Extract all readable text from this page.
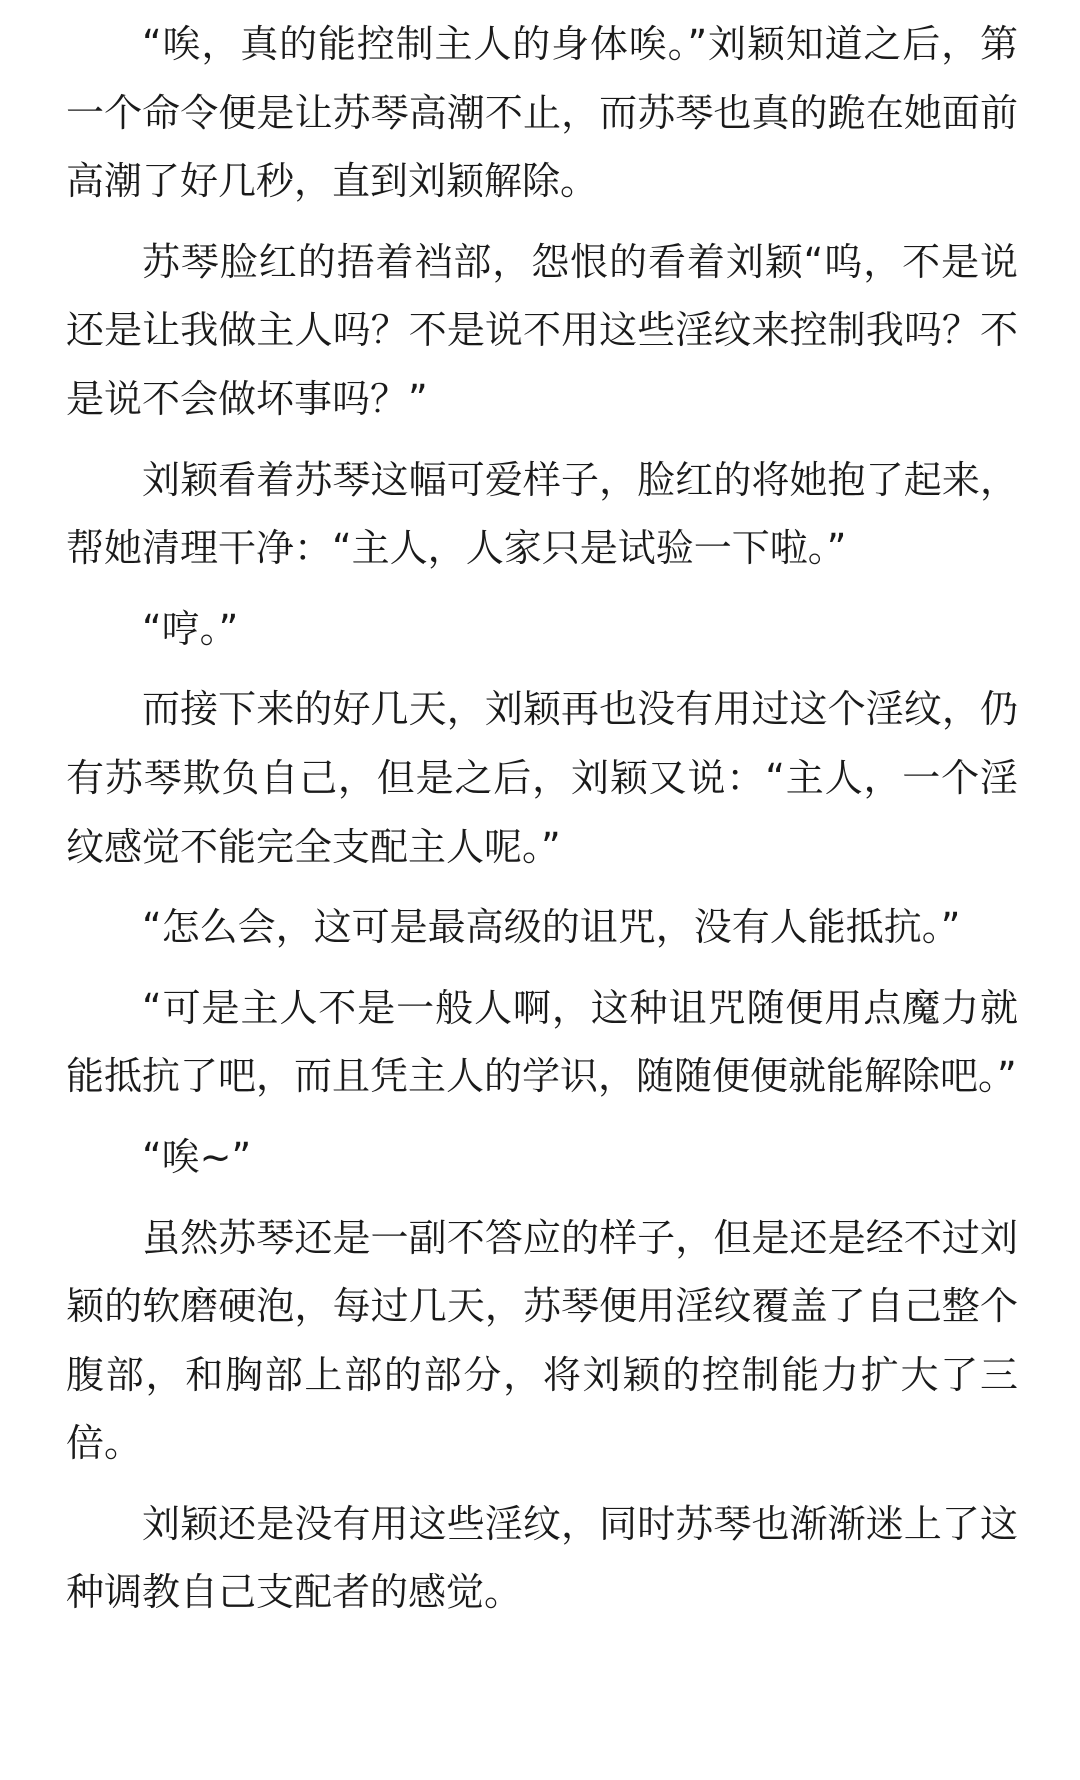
“唉，真的能控制主人的身体唉。”刘颖知道之后，第一个命令便是让苏琴高潮不止，而苏琴也真的跪在她面前高潮了好几秒，直到刘颖解除。

苏琴脸红的捂着裆部，怨恨的看着刘颖“呜，不是说还是让我做主人吗？不是说不用这些淫纹来控制我吗？不是说不会做坏事吗？”

刘颖看着苏琴这幅可爱样子，脸红的将她抱了起来，帮她清理干净：“主人，人家只是试验一下啦。”

“哼。”

而接下来的好几天，刘颖再也没有用过这个淫纹，仍有苏琴欺负自己，但是之后，刘颖又说：“主人，一个淫纹感觉不能完全支配主人呢。”

“怎么会，这可是最高级的诅咒，没有人能抵抗。”

“可是主人不是一般人啊，这种诅咒随便用点魔力就能抵抗了吧，而且凭主人的学识，随随便便就能解除吧。”

“唉~”

虽然苏琴还是一副不答应的样子，但是还是经不过刘颖的软磨硬泡，每过几天，苏琴便用淫纹覆盖了自己整个腹部，和胸部上部的部分，将刘颖的控制能力扩大了三倍。

刘颖还是没有用这些淫纹，同时苏琴也渐渐迷上了这种调教自己支配者的感觉。
